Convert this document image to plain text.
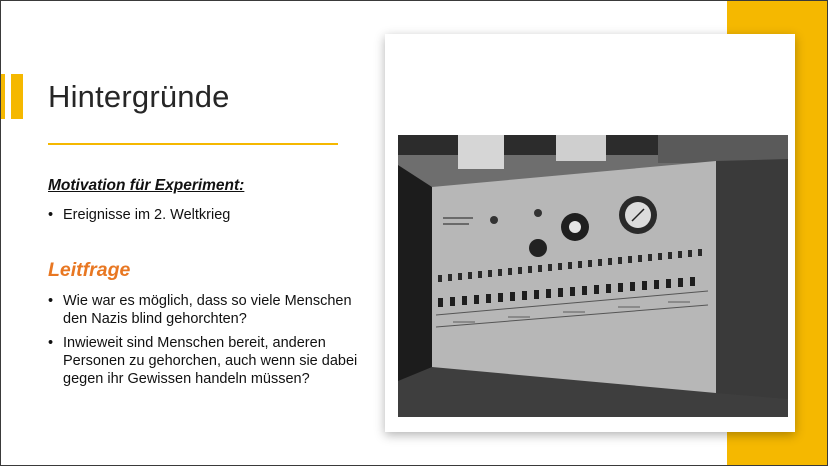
Hintergründe
Motivation für Experiment:
• Ereignisse im 2. Weltkrieg
Leitfrage
• Wie war es möglich, dass so viele Menschen den Nazis blind gehorchten?
• Inwieweit sind Menschen bereit, anderen Personen zu gehorchen, auch wenn sie dabei gegen ihr Gewissen handeln müssen?
